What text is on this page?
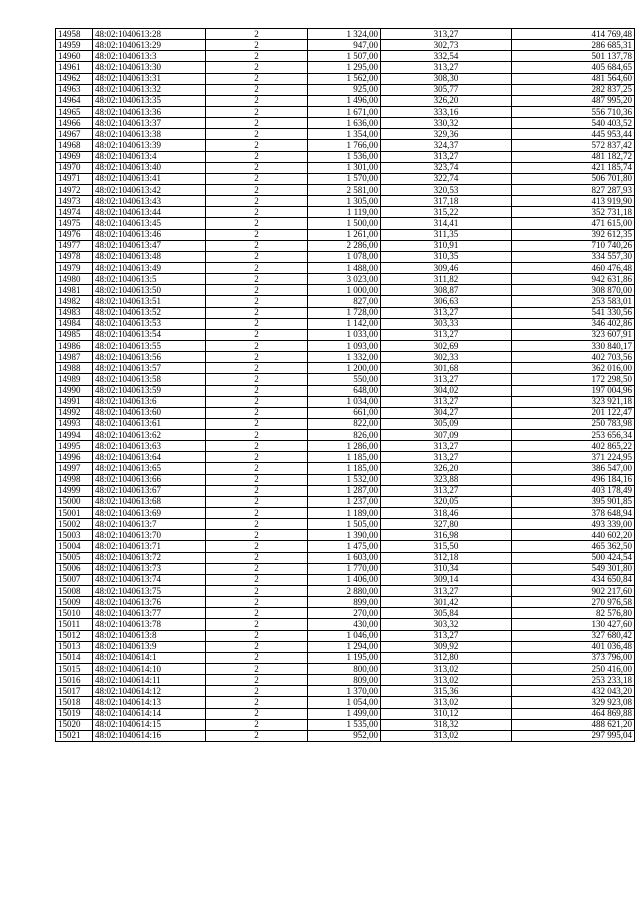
14958	48:02:1040613:28	2	1 324,00	313,27	414 769,48
14959	48:02:1040613:29	2	947,00	302,73	286 685,31
14960	48:02:1040613:3	2	1 507,00	332,54	501 137,78
14961	48:02:1040613:30	2	1 295,00	313,27	405 684,65
14962	48:02:1040613:31	2	1 562,00	308,30	481 564,60
14963	48:02:1040613:32	2	925,00	305,77	282 837,25
14964	48:02:1040613:35	2	1 496,00	326,20	487 995,20
14965	48:02:1040613:36	2	1 671,00	333,16	556 710,36
14966	48:02:1040613:37	2	1 636,00	330,32	540 403,52
14967	48:02:1040613:38	2	1 354,00	329,36	445 953,44
14968	48:02:1040613:39	2	1 766,00	324,37	572 837,42
14969	48:02:1040613:4	2	1 536,00	313,27	481 182,72
14970	48:02:1040613:40	2	1 301,00	323,74	421 185,74
14971	48:02:1040613:41	2	1 570,00	322,74	506 701,80
14972	48:02:1040613:42	2	2 581,00	320,53	827 287,93
14973	48:02:1040613:43	2	1 305,00	317,18	413 919,90
14974	48:02:1040613:44	2	1 119,00	315,22	352 731,18
14975	48:02:1040613:45	2	1 500,00	314,41	471 615,00
14976	48:02:1040613:46	2	1 261,00	311,35	392 612,35
14977	48:02:1040613:47	2	2 286,00	310,91	710 740,26
14978	48:02:1040613:48	2	1 078,00	310,35	334 557,30
14979	48:02:1040613:49	2	1 488,00	309,46	460 476,48
14980	48:02:1040613:5	2	3 023,00	311,82	942 631,86
14981	48:02:1040613:50	2	1 000,00	308,87	308 870,00
14982	48:02:1040613:51	2	827,00	306,63	253 583,01
14983	48:02:1040613:52	2	1 728,00	313,27	541 330,56
14984	48:02:1040613:53	2	1 142,00	303,33	346 402,86
14985	48:02:1040613:54	2	1 033,00	313,27	323 607,91
14986	48:02:1040613:55	2	1 093,00	302,69	330 840,17
14987	48:02:1040613:56	2	1 332,00	302,33	402 703,56
14988	48:02:1040613:57	2	1 200,00	301,68	362 016,00
14989	48:02:1040613:58	2	550,00	313,27	172 298,50
14990	48:02:1040613:59	2	648,00	304,02	197 004,96
14991	48:02:1040613:6	2	1 034,00	313,27	323 921,18
14992	48:02:1040613:60	2	661,00	304,27	201 122,47
14993	48:02:1040613:61	2	822,00	305,09	250 783,98
14994	48:02:1040613:62	2	826,00	307,09	253 656,34
14995	48:02:1040613:63	2	1 286,00	313,27	402 865,22
14996	48:02:1040613:64	2	1 185,00	313,27	371 224,95
14997	48:02:1040613:65	2	1 185,00	326,20	386 547,00
14998	48:02:1040613:66	2	1 532,00	323,88	496 184,16
14999	48:02:1040613:67	2	1 287,00	313,27	403 178,49
15000	48:02:1040613:68	2	1 237,00	320,05	395 901,85
15001	48:02:1040613:69	2	1 189,00	318,46	378 648,94
15002	48:02:1040613:7	2	1 505,00	327,80	493 339,00
15003	48:02:1040613:70	2	1 390,00	316,98	440 602,20
15004	48:02:1040613:71	2	1 475,00	315,50	465 362,50
15005	48:02:1040613:72	2	1 603,00	312,18	500 424,54
15006	48:02:1040613:73	2	1 770,00	310,34	549 301,80
15007	48:02:1040613:74	2	1 406,00	309,14	434 650,84
15008	48:02:1040613:75	2	2 880,00	313,27	902 217,60
15009	48:02:1040613:76	2	899,00	301,42	270 976,58
15010	48:02:1040613:77	2	270,00	305,84	82 576,80
15011	48:02:1040613:78	2	430,00	303,32	130 427,60
15012	48:02:1040613:8	2	1 046,00	313,27	327 680,42
15013	48:02:1040613:9	2	1 294,00	309,92	401 036,48
15014	48:02:1040614:1	2	1 195,00	312,80	373 796,00
15015	48:02:1040614:10	2	800,00	313,02	250 416,00
15016	48:02:1040614:11	2	809,00	313,02	253 233,18
15017	48:02:1040614:12	2	1 370,00	315,36	432 043,20
15018	48:02:1040614:13	2	1 054,00	313,02	329 923,08
15019	48:02:1040614:14	2	1 499,00	310,12	464 869,88
15020	48:02:1040614:15	2	1 535,00	318,32	488 621,20
15021	48:02:1040614:16	2	952,00	313,02	297 995,04
